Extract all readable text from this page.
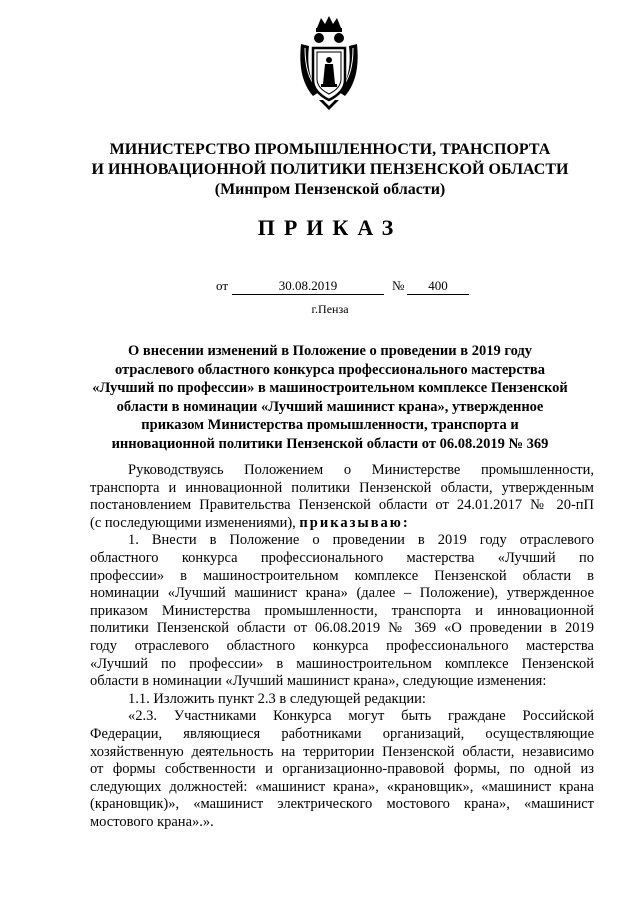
МИНИСТЕРСТВО ПРОМЫШЛЕННОСТИ, ТРАНСПОРТА
И ИННОВАЦИОННОЙ ПОЛИТИКИ ПЕНЗЕНСКОЙ ОБЛАСТИ
(Минпром Пензенской области)
ПРИКАЗ
от	30.08.2019	№	400
г.Пенза
О внесении изменений в Положение о проведении в 2019 году
отраслевого областного конкурса профессионального мастерства
«Лучший по профессии» в машиностроительном комплексе Пензенской
области в номинации «Лучший машинист крана», утвержденное
приказом Министерства промышленности, транспорта и
инновационной политики Пензенской области от 06.08.2019 № 369
Руководствуясь Положением о Министерстве промышленности,
транспорта и инновационной политики Пензенской области, утвержденным
постановлением Правительства Пензенской области от 24.01.2017 № 20-пП
(с последующими изменениями), приказываю:
1. Внести в Положение о проведении в 2019 году отраслевого
областного конкурса профессионального мастерства «Лучший по
профессии» в машиностроительном комплексе Пензенской области в
номинации «Лучший машинист крана» (далее – Положение), утвержденное
приказом Министерства промышленности, транспорта и инновационной
политики Пензенской области от 06.08.2019 № 369 «О проведении в 2019
году отраслевого областного конкурса профессионального мастерства
«Лучший по профессии» в машиностроительном комплексе Пензенской
области в номинации «Лучший машинист крана», следующие изменения:
1.1. Изложить пункт 2.3 в следующей редакции:
«2.3. Участниками Конкурса могут быть граждане Российской
Федерации, являющиеся работниками организаций, осуществляющие
хозяйственную деятельность на территории Пензенской области, независимо
от формы собственности и организационно-правовой формы, по одной из
следующих должностей: «машинист крана», «крановщик», «машинист крана
(крановщик)», «машинист электрического мостового крана», «машинист
мостового крана».».
